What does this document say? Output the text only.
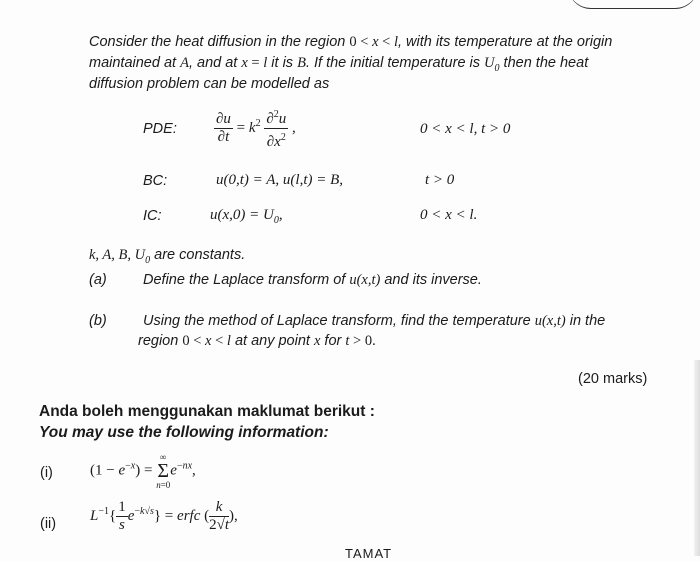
Consider the heat diffusion in the region 0 < x < l, with its temperature at the origin
maintained at A, and at x = l it is B. If the initial temperature is $U_0$ then the heat
diffusion problem can be modelled as
PDE: $\frac{\partial u}{\partial t} = k^2 \frac{\partial^2u}{\partial x^2}$ ,	0 < x < l, t > 0
BC:	u(0,t) = A, u(l,t) = B,	t > 0
IC:	$u(x,0) = U_0$,	0 < x < l.
k, A, B, $U_0$ are constants.
(a)	Define the Laplace transform of u(x,t) and its inverse.
(b)	Using the method of Laplace transform, find the temperature u(x,t) in the
region 0 < x < l at any point x for t > 0.
(20 marks)
Anda boleh menggunakan maklumat berikut :
You may use the following information:
(i) $(1 - e^{-x})$ =
∞
Σ
n=0
$e^{-nx}$,
(ii)
$L^{-1}\{ \frac{1}{s} e^{-k√s}\}$ = erfc ( $\frac{k}{2√t}$ ),
TAMAT
